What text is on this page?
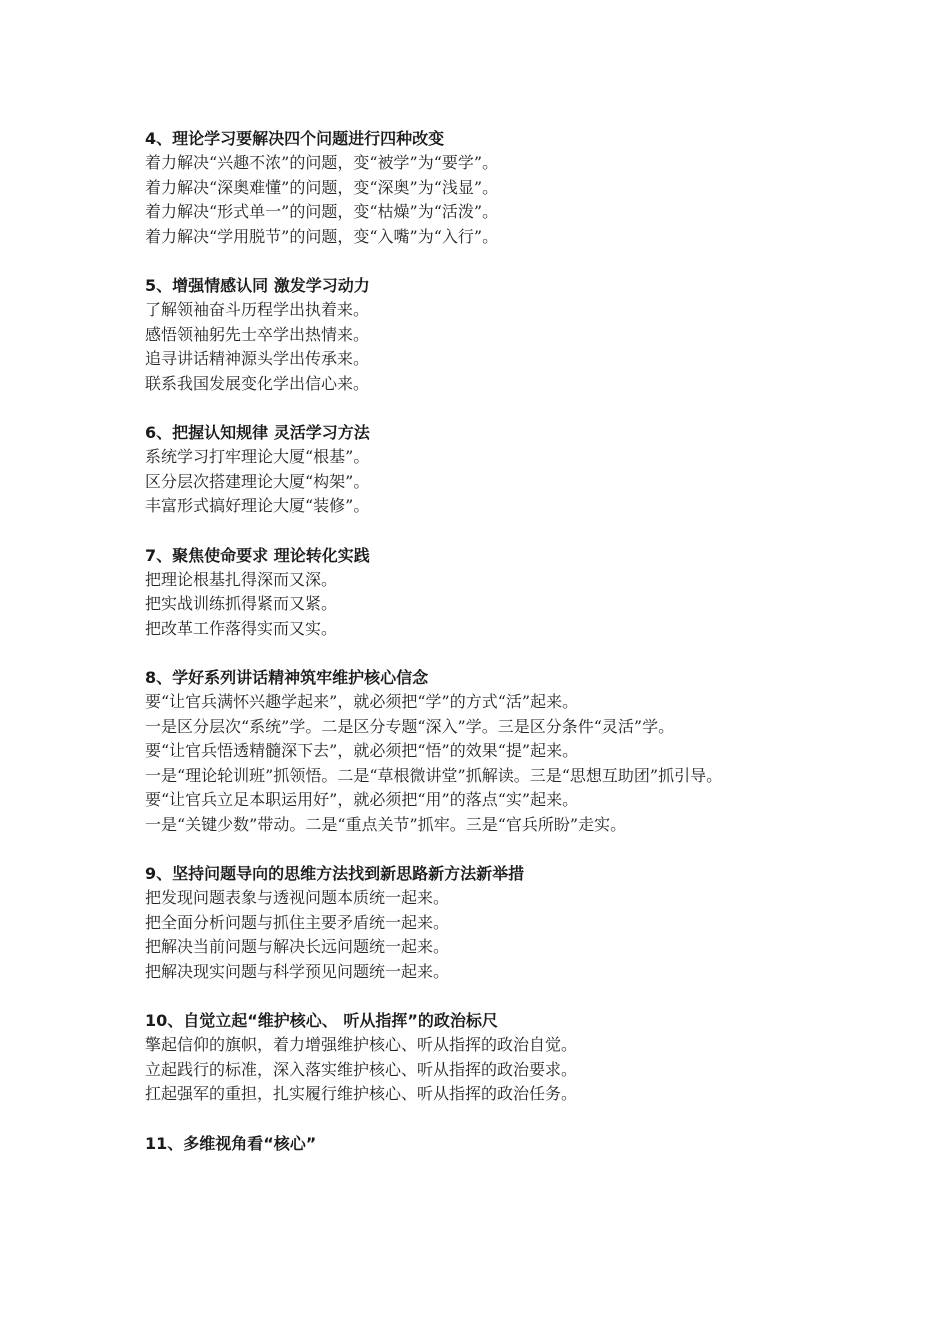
4、理论学习要解决四个问题进行四种改变
着力解决“兴趣不浓”的问题，变“被学”为“要学”。
着力解决“深奥难懂”的问题，变“深奥”为“浅显”。
着力解决“形式单一”的问题，变“枯燥”为“活泼”。
着力解决“学用脱节”的问题，变“入嘴”为“入行”。
5、增强情感认同 激发学习动力
了解领袖奋斗历程学出执着来。
感悟领袖躬先士卒学出热情来。
追寻讲话精神源头学出传承来。
联系我国发展变化学出信心来。
6、把握认知规律 灵活学习方法
系统学习打牢理论大厦“根基”。
区分层次搭建理论大厦“构架”。
丰富形式搞好理论大厦“装修”。
7、聚焦使命要求 理论转化实践
把理论根基扎得深而又深。
把实战训练抓得紧而又紧。
把改革工作落得实而又实。
8、学好系列讲话精神筑牢维护核心信念
要“让官兵满怀兴趣学起来”，就必须把“学”的方式“活”起来。
一是区分层次“系统”学。二是区分专题“深入”学。三是区分条件“灵活”学。
要“让官兵悟透精髓深下去”，就必须把“悟”的效果“提”起来。
一是“理论轮训班”抓领悟。二是“草根微讲堂”抓解读。三是“思想互助团”抓引导。
要“让官兵立足本职运用好”，就必须把“用”的落点“实”起来。
一是“关键少数”带动。二是“重点关节”抓牢。三是“官兵所盼”走实。
9、坚持问题导向的思维方法找到新思路新方法新举措
把发现问题表象与透视问题本质统一起来。
把全面分析问题与抓住主要矛盾统一起来。
把解决当前问题与解决长远问题统一起来。
把解决现实问题与科学预见问题统一起来。
10、自觉立起“维护核心、 听从指挥”的政治标尺
擎起信仰的旗帜，着力增强维护核心、听从指挥的政治自觉。
立起践行的标准，深入落实维护核心、听从指挥的政治要求。
扛起强军的重担，扎实履行维护核心、听从指挥的政治任务。
11、多维视角看“核心”
